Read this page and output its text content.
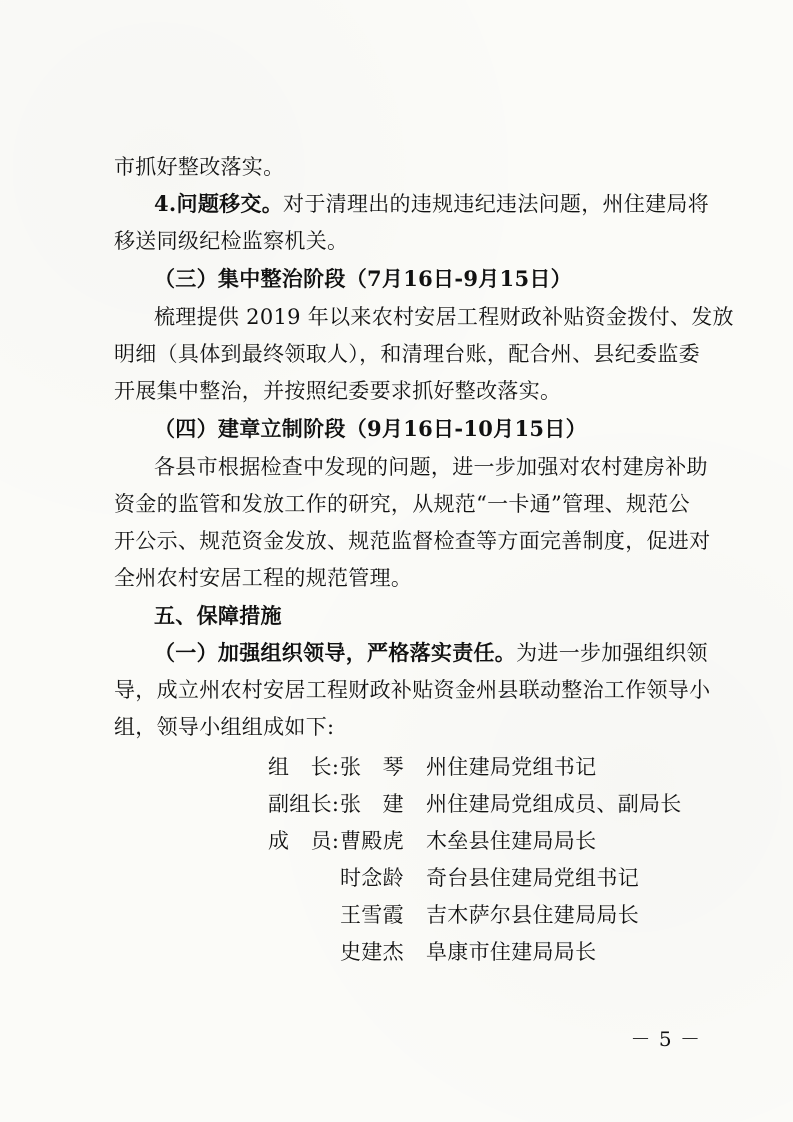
市抓好整改落实。
4.问题移交。对于清理出的违规违纪违法问题，州住建局将
移送同级纪检监察机关。
（三）集中整治阶段（7月16日-9月15日）
梳理提供 2019 年以来农村安居工程财政补贴资金拨付、发放
明细（具体到最终领取人），和清理台账，配合州、县纪委监委
开展集中整治，并按照纪委要求抓好整改落实。
（四）建章立制阶段（9月16日-10月15日）
各县市根据检查中发现的问题，进一步加强对农村建房补助
资金的监管和发放工作的研究，从规范“一卡通”管理、规范公
开公示、规范资金发放、规范监督检查等方面完善制度，促进对
全州农村安居工程的规范管理。
五、保障措施
（一）加强组织领导，严格落实责任。为进一步加强组织领
导，成立州农村安居工程财政补贴资金州县联动整治工作领导小
组，领导小组组成如下:
组　长: 张　琴	州住建局党组书记
副组长: 张　建	州住建局党组成员、副局长
成　员: 曹殿虎	木垒县住建局局长
时念龄	奇台县住建局党组书记
王雪霞	吉木萨尔县住建局局长
史建杰	阜康市住建局局长
－ 5 －
